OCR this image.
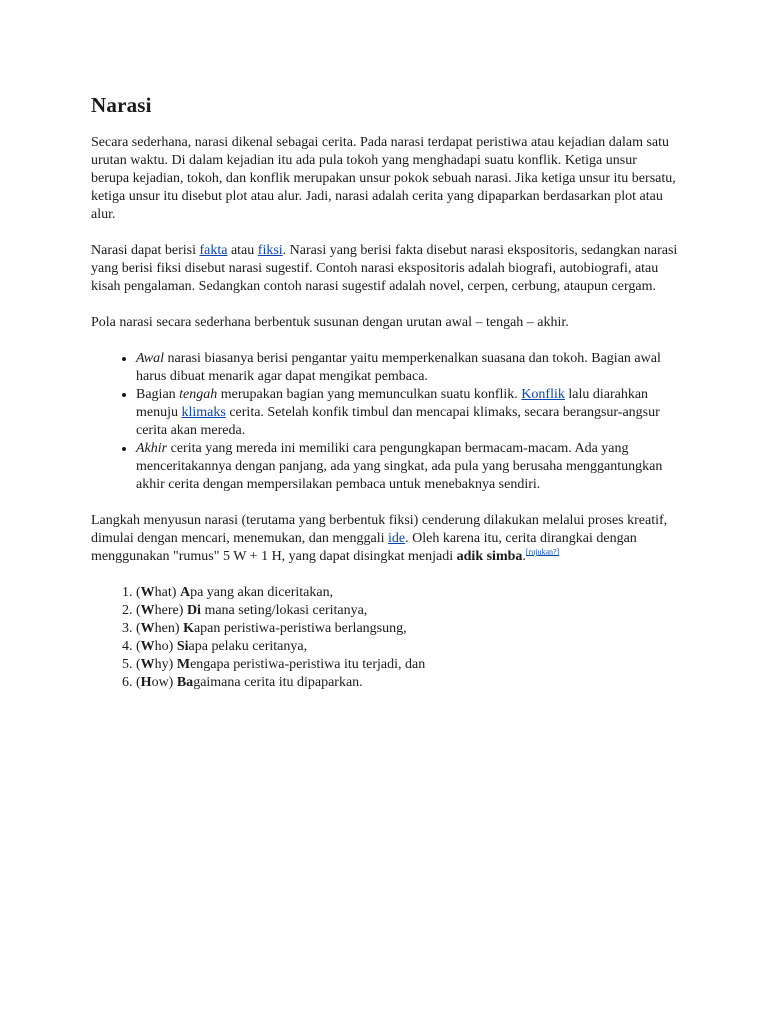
Narasi

Secara sederhana, narasi dikenal sebagai cerita. Pada narasi terdapat peristiwa atau kejadian dalam satu urutan waktu. Di dalam kejadian itu ada pula tokoh yang menghadapi suatu konflik. Ketiga unsur berupa kejadian, tokoh, dan konflik merupakan unsur pokok sebuah narasi. Jika ketiga unsur itu bersatu, ketiga unsur itu disebut plot atau alur. Jadi, narasi adalah cerita yang dipaparkan berdasarkan plot atau alur.

Narasi dapat berisi fakta atau fiksi. Narasi yang berisi fakta disebut narasi ekspositoris, sedangkan narasi yang berisi fiksi disebut narasi sugestif. Contoh narasi ekspositoris adalah biografi, autobiografi, atau kisah pengalaman. Sedangkan contoh narasi sugestif adalah novel, cerpen, cerbung, ataupun cergam.

Pola narasi secara sederhana berbentuk susunan dengan urutan awal – tengah – akhir.

• Awal narasi biasanya berisi pengantar yaitu memperkenalkan suasana dan tokoh. Bagian awal harus dibuat menarik agar dapat mengikat pembaca.
• Bagian tengah merupakan bagian yang memunculkan suatu konflik. Konflik lalu diarahkan menuju klimaks cerita. Setelah konfik timbul dan mencapai klimaks, secara berangsur-angsur cerita akan mereda.
• Akhir cerita yang mereda ini memiliki cara pengungkapan bermacam-macam. Ada yang menceritakannya dengan panjang, ada yang singkat, ada pula yang berusaha menggantungkan akhir cerita dengan mempersilakan pembaca untuk menebaknya sendiri.

Langkah menyusun narasi (terutama yang berbentuk fiksi) cenderung dilakukan melalui proses kreatif, dimulai dengan mencari, menemukan, dan menggali ide. Oleh karena itu, cerita dirangkai dengan menggunakan "rumus" 5 W + 1 H, yang dapat disingkat menjadi adik simba.[rujukan?]

1. (What) Apa yang akan diceritakan,
2. (Where) Di mana seting/lokasi ceritanya,
3. (When) Kapan peristiwa-peristiwa berlangsung,
4. (Who) Siapa pelaku ceritanya,
5. (Why) Mengapa peristiwa-peristiwa itu terjadi, dan
6. (How) Bagaimana cerita itu dipaparkan.
